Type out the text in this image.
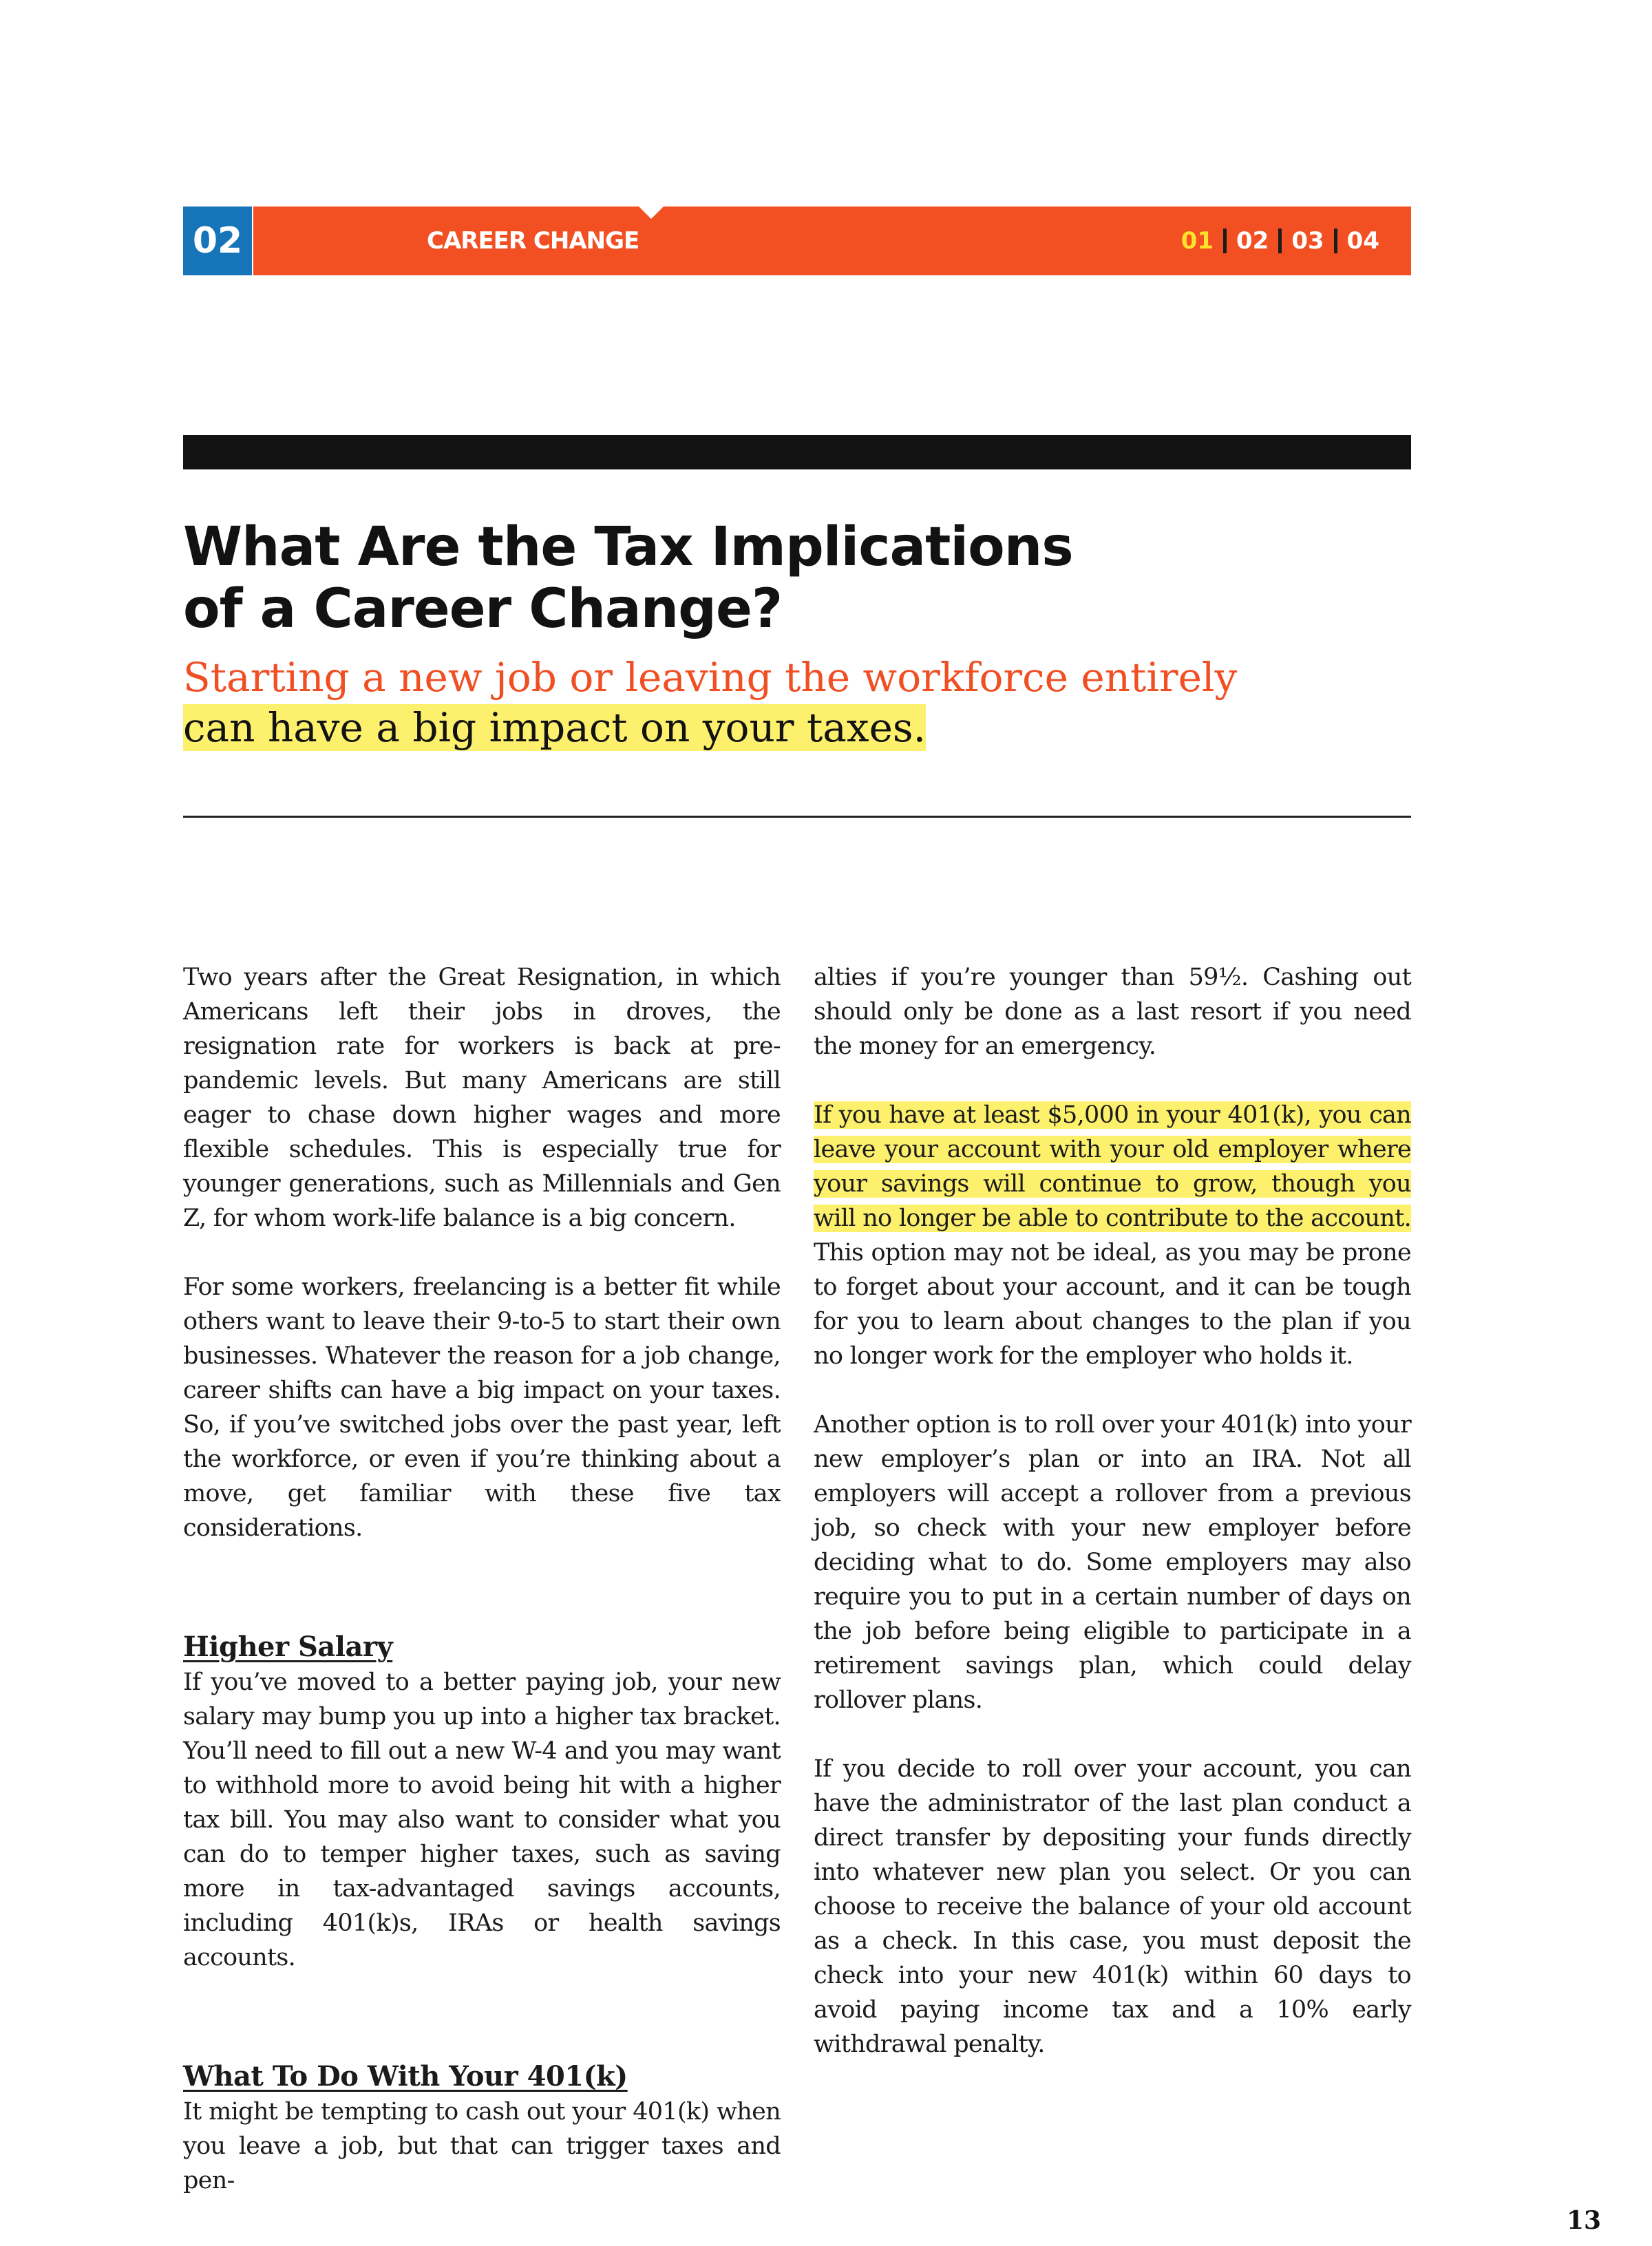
02	CAREER CHANGE	01 02 03 04
What Are the Tax Implications
of a Career Change?
Starting a new job or leaving the workforce entirely
can have a big impact on your taxes.

Two years after the Great Resignation, in which Americans left their jobs in droves, the resignation rate for workers is back at pre-pandemic levels. But many Americans are still eager to chase down higher wages and more flexible schedules. This is especially true for younger generations, such as Millennials and Gen Z, for whom work-life balance is a big concern.

For some workers, freelancing is a better fit while others want to leave their 9-to-5 to start their own businesses. Whatever the reason for a job change, career shifts can have a big impact on your taxes. So, if you’ve switched jobs over the past year, left the workforce, or even if you’re thinking about a move, get familiar with these five tax considerations.

Higher Salary

If you’ve moved to a better paying job, your new salary may bump you up into a higher tax bracket. You’ll need to fill out a new W-4 and you may want to withhold more to avoid being hit with a higher tax bill. You may also want to consider what you can do to temper higher taxes, such as saving more in tax-advantaged savings accounts, including 401(k)s, IRAs or health savings accounts.

What To Do With Your 401(k)

It might be tempting to cash out your 401(k) when you leave a job, but that can trigger taxes and pen-

alties if you’re younger than 59½. Cashing out should only be done as a last resort if you need the money for an emergency.

If you have at least $5,000 in your 401(k), you can leave your account with your old employer where your savings will continue to grow, though you will no longer be able to contribute to the account. This option may not be ideal, as you may be prone to forget about your account, and it can be tough for you to learn about changes to the plan if you no longer work for the employer who holds it.

Another option is to roll over your 401(k) into your new employer’s plan or into an IRA. Not all employers will accept a rollover from a previous job, so check with your new employer before deciding what to do. Some employers may also require you to put in a certain number of days on the job before being eligible to participate in a retirement savings plan, which could delay rollover plans.

If you decide to roll over your account, you can have the administrator of the last plan conduct a direct transfer by depositing your funds directly into whatever new plan you select. Or you can choose to receive the balance of your old account as a check. In this case, you must deposit the check into your new 401(k) within 60 days to avoid paying income tax and a 10% early withdrawal penalty.

13
